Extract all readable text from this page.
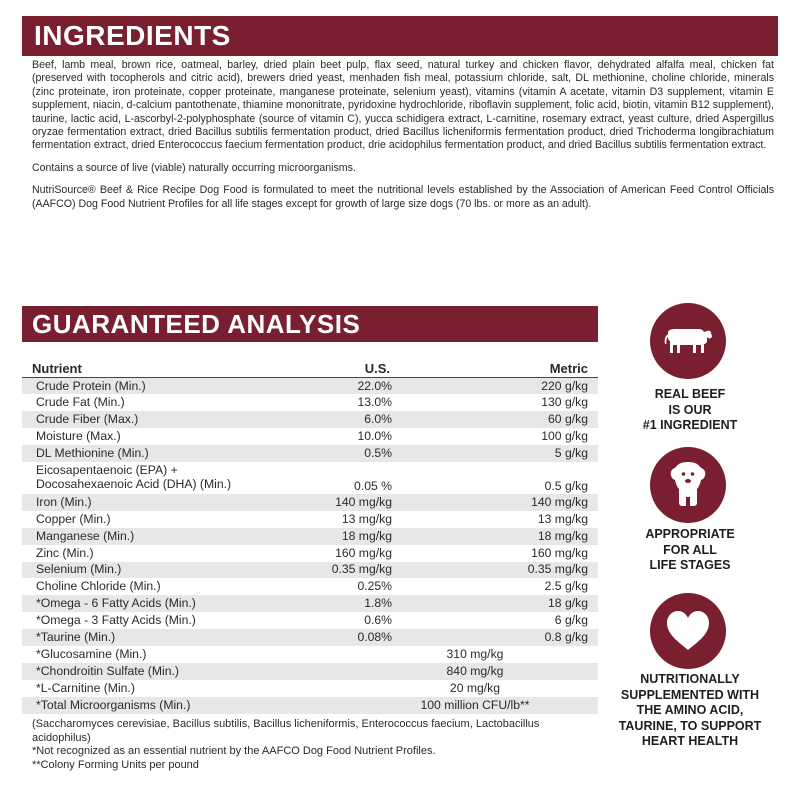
INGREDIENTS

Beef, lamb meal, brown rice, oatmeal, barley, dried plain beet pulp, flax seed, natural turkey and chicken flavor, dehydrated alfalfa meal, chicken fat (preserved with tocopherols and citric acid), brewers dried yeast, menhaden fish meal, potassium chloride, salt, DL methionine, choline chloride, minerals (zinc proteinate, iron proteinate, copper proteinate, manganese proteinate, selenium yeast), vitamins (vitamin A acetate, vitamin D3 supplement, vitamin E supplement, niacin, d-calcium pantothenate, thiamine mononitrate, pyridoxine hydrochloride, riboflavin supplement, folic acid, biotin, vitamin B12 supplement), taurine, lactic acid, L-ascorbyl-2-polyphosphate (source of vitamin C), yucca schidigera extract, L-carnitine, rosemary extract, yeast culture, dried Aspergillus oryzae fermentation extract, dried Bacillus subtilis fermentation product, dried Bacillus licheniformis fermentation product, dried Trichoderma longibrachiatum fermentation extract, dried Enterococcus faecium fermentation product, drie acidophilus fermentation product, and dried Bacillus subtilis fermentation extract.

Contains a source of live (viable) naturally occurring microorganisms.

NutriSource® Beef & Rice Recipe Dog Food is formulated to meet the nutritional levels established by the Association of American Feed Control Officials (AAFCO) Dog Food Nutrient Profiles for all life stages except for growth of large size dogs (70 lbs. or more as an adult).

GUARANTEED ANALYSIS
Nutrient	U.S.	Metric
Crude Protein (Min.)	22.0%	220 g/kg
Crude Fat (Min.)	13.0%	130 g/kg
Crude Fiber (Max.)	6.0%	60 g/kg
Moisture (Max.)	10.0%	100 g/kg
DL Methionine (Min.)	0.5%	5 g/kg

Eicosapentaenoic (EPA) +
Docosahexaenoic Acid (DHA) (Min.)	0.05 %	0.5 g/kg
Iron (Min.)	140 mg/kg	140 mg/kg
Copper (Min.)	13 mg/kg	13 mg/kg
Manganese (Min.)	18 mg/kg	18 mg/kg
Zinc (Min.)	160 mg/kg	160 mg/kg
Selenium (Min.)	0.35 mg/kg	0.35 mg/kg
Choline Chloride (Min.)	0.25%	2.5 g/kg
*Omega - 6 Fatty Acids (Min.)	1.8%	18 g/kg
*Omega - 3 Fatty Acids (Min.)	0.6%	6 g/kg
*Taurine (Min.)	0.08%	0.8 g/kg
*Glucosamine (Min.)	310 mg/kg	
*Chondroitin Sulfate (Min.)	840 mg/kg	
*L-Carnitine (Min.)	20 mg/kg	
*Total Microorganisms (Min.)	100 million CFU/lb**	

(Saccharomyces cerevisiae, Bacillus subtilis, Bacillus licheniformis, Enterococcus faecium, Lactobacillus acidophilus)

*Not recognized as an essential nutrient by the AAFCO Dog Food Nutrient Profiles.

**Colony Forming Units per pound

REAL BEEF
IS OUR
#1 INGREDIENT
APPROPRIATE
FOR ALL
LIFE STAGES
NUTRITIONALLY
SUPPLEMENTED WITH
THE AMINO ACID,
TAURINE, TO SUPPORT
HEART HEALTH
